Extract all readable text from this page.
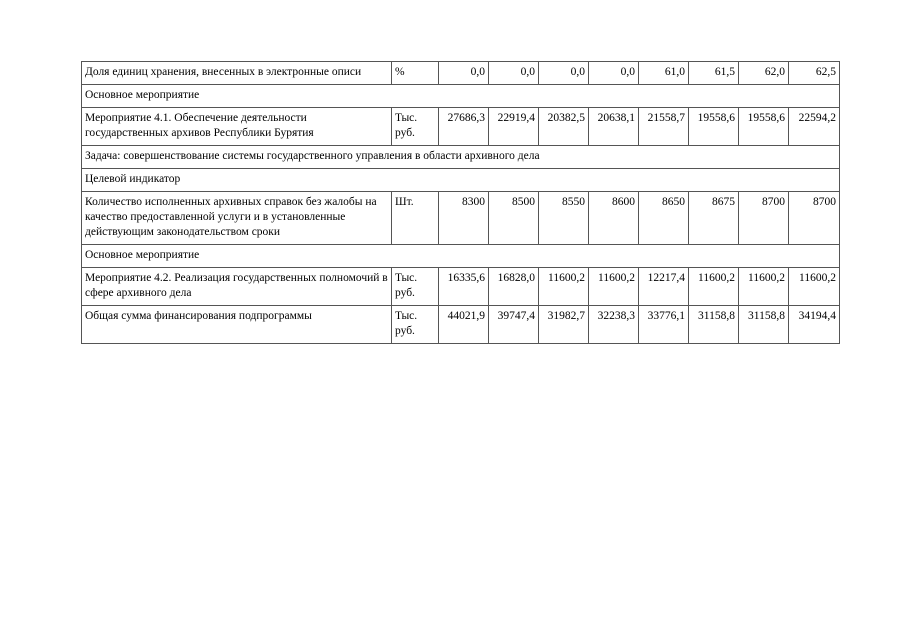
Доля единиц хранения, внесенных в электронные описи	%	0,0	0,0	0,0	0,0	61,0	61,5	62,0	62,5
Основное мероприятие									
Мероприятие 4.1. Обеспечение деятельности государственных архивов Республики Бурятия	Тыс. руб.	27686,3	22919,4	20382,5	20638,1	21558,7	19558,6	19558,6	22594,2
Задача: совершенствование системы государственного управления в области архивного дела									
Целевой индикатор									
Количество исполненных архивных справок без жалобы на качество предоставленной услуги и в установленные действующим законодательством сроки	Шт.	8300	8500	8550	8600	8650	8675	8700	8700
Основное мероприятие									
Мероприятие 4.2. Реализация государственных полномочий в сфере архивного дела	Тыс. руб.	16335,6	16828,0	11600,2	11600,2	12217,4	11600,2	11600,2	11600,2
Общая сумма финансирования подпрограммы	Тыс. руб.	44021,9	39747,4	31982,7	32238,3	33776,1	31158,8	31158,8	34194,4
